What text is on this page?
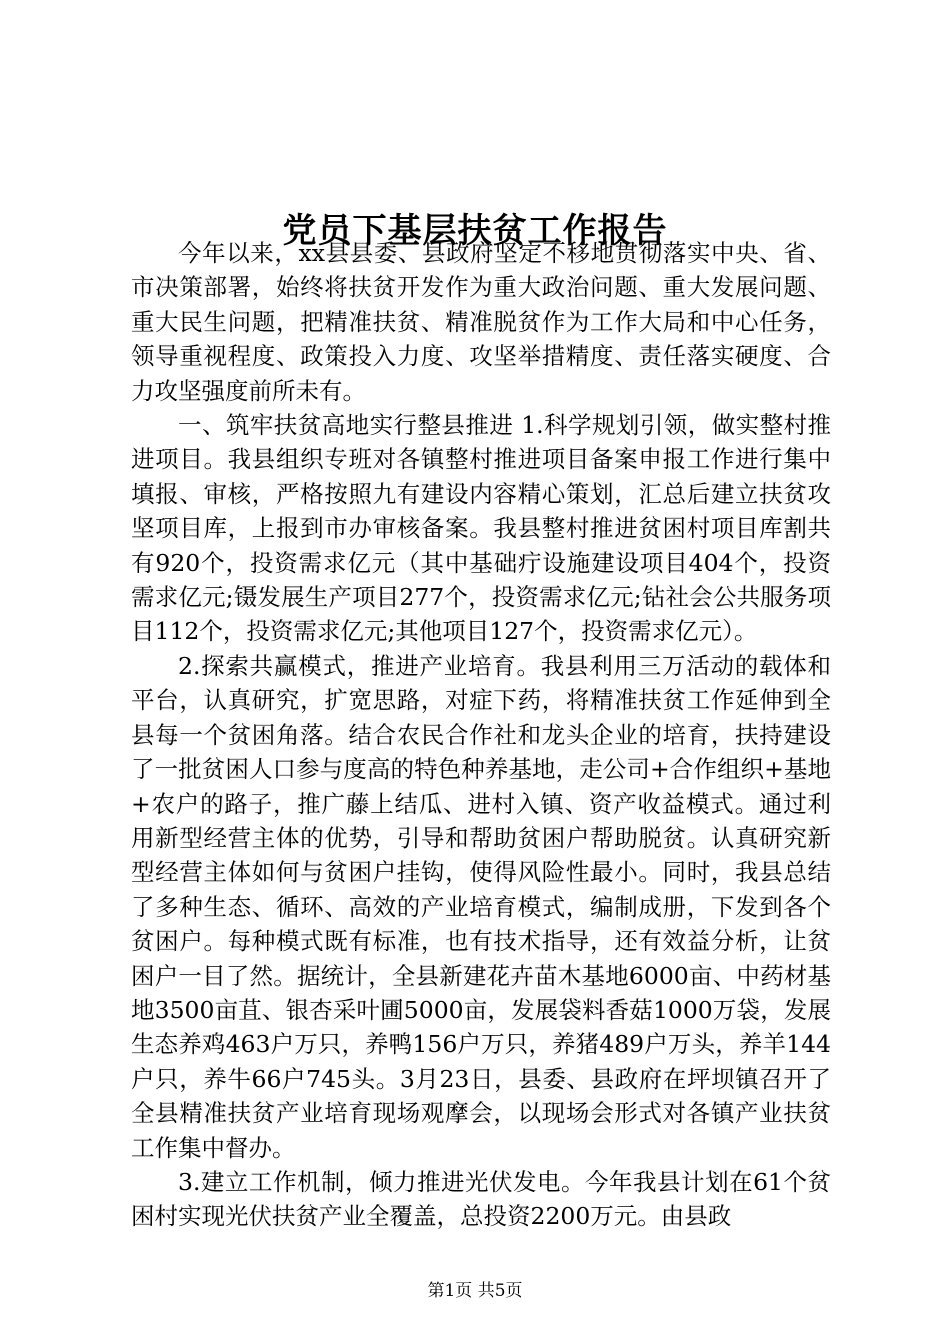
党员下基层扶贫工作报告

今年以来，xx县县委、县政府坚定不移地贯彻落实中央、省、市决策部署，始终将扶贫开发作为重大政治问题、重大发展问题、重大民生问题，把精准扶贫、精准脱贫作为工作大局和中心任务，领导重视程度、政策投入力度、攻坚举措精度、责任落实硬度、合力攻坚强度前所未有。

一、筑牢扶贫高地实行整县推进 1.科学规划引领，做实整村推进项目。我县组织专班对各镇整村推进项目备案申报工作进行集中填报、审核，严格按照九有建设内容精心策划，汇总后建立扶贫攻坚项目库，上报到市办审核备案。我县整村推进贫困村项目库割共有920个，投资需求亿元（其中基础疔设施建设项目404个，投资需求亿元;镊发展生产项目277个，投资需求亿元;钻社会公共服务项目112个，投资需求亿元;其他项目127个，投资需求亿元）。

2.探索共赢模式，推进产业培育。我县利用三万活动的载体和平台，认真研究，扩宽思路，对症下药，将精准扶贫工作延伸到全县每一个贫困角落。结合农民合作社和龙头企业的培育，扶持建设了一批贫困人口参与度高的特色种养基地，走公司+合作组织+基地+农户的路子，推广藤上结瓜、进村入镇、资产收益模式。通过利用新型经营主体的优势，引导和帮助贫困户帮助脱贫。认真研究新型经营主体如何与贫困户挂钩，使得风险性最小。同时，我县总结了多种生态、循环、高效的产业培育模式，编制成册，下发到各个贫困户。每种模式既有标准，也有技术指导，还有效益分析，让贫困户一目了然。据统计，全县新建花卉苗木基地6000亩、中药材基地3500亩苴、银杏采叶圃5000亩，发展袋料香菇1000万袋，发展生态养鸡463户万只，养鸭156户万只，养猪489户万头，养羊144户只，养牛66户745头。3月23日，县委、县政府在坪坝镇召开了全县精准扶贫产业培育现场观摩会，以现场会形式对各镇产业扶贫工作集中督办。

3.建立工作机制，倾力推进光伏发电。今年我县计划在61个贫困村实现光伏扶贫产业全覆盖，总投资2200万元。由县政

第1页 共5页
